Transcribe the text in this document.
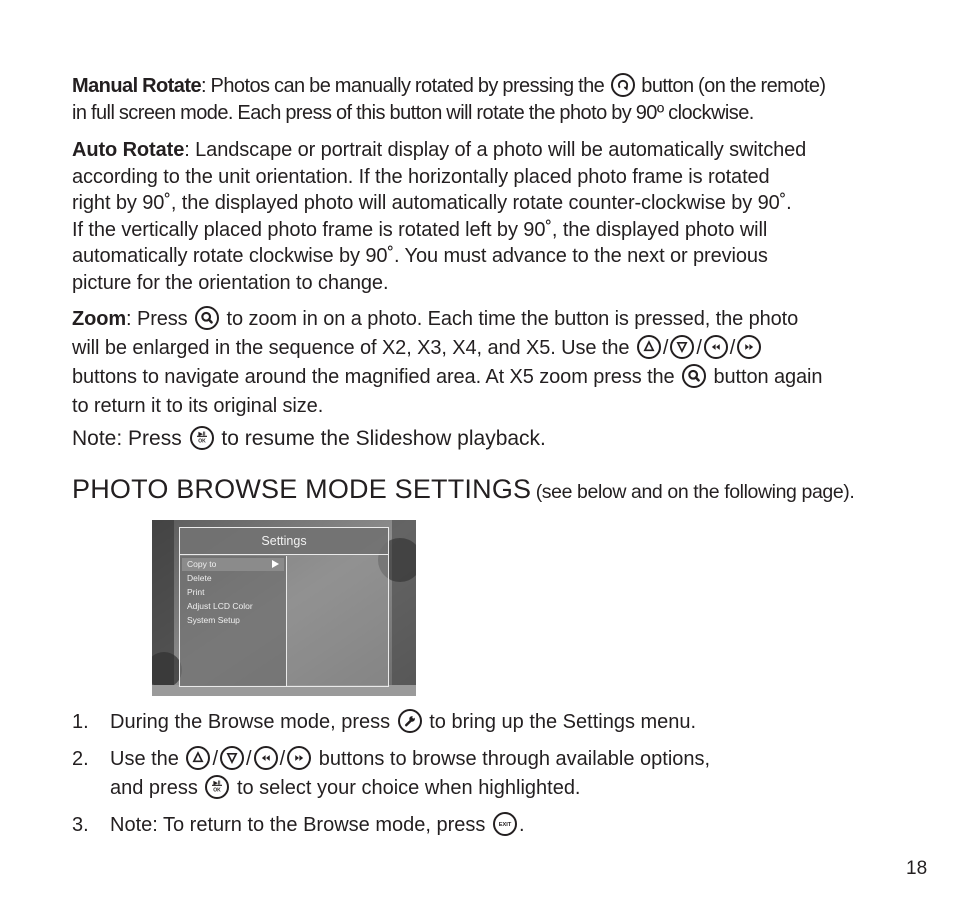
Manual Rotate: Photos can be manually rotated by pressing the
button (on the remote)
in full screen mode. Each press of this button will rotate the photo by 90º clockwise.
Auto Rotate: Landscape or portrait display of a photo will be automatically switched
according to the unit orientation. If the horizontally placed photo frame is rotated
right by 90˚, the displayed photo will automatically rotate counter-clockwise by 90˚.
If the vertically placed photo frame is rotated left by 90˚, the displayed photo will
automatically rotate clockwise by 90˚. You must advance to the next or previous
picture for the orientation to change.
Zoom: Press
to zoom in on a photo. Each time the button is pressed, the photo
will be enlarged in the sequence of X2, X3, X4, and X5. Use the
/ / /
buttons to navigate around the magnified area. At X5 zoom press the
button again
to return it to its original size.
Note: Press ▶II
OK to resume the Slideshow playback.
PHOTO BROWSE MODE SETTINGS (see below and on the following page).
Settings
Copy to
Delete
Print
Adjust LCD Color
System Setup
1. During the Browse mode, press
to bring up the Settings menu.
2. Use the
/ / /
buttons to browse through available options,
and press ▶II
OK to select your choice when highlighted.
3. Note: To return to the Browse mode, press EXIT .
18
